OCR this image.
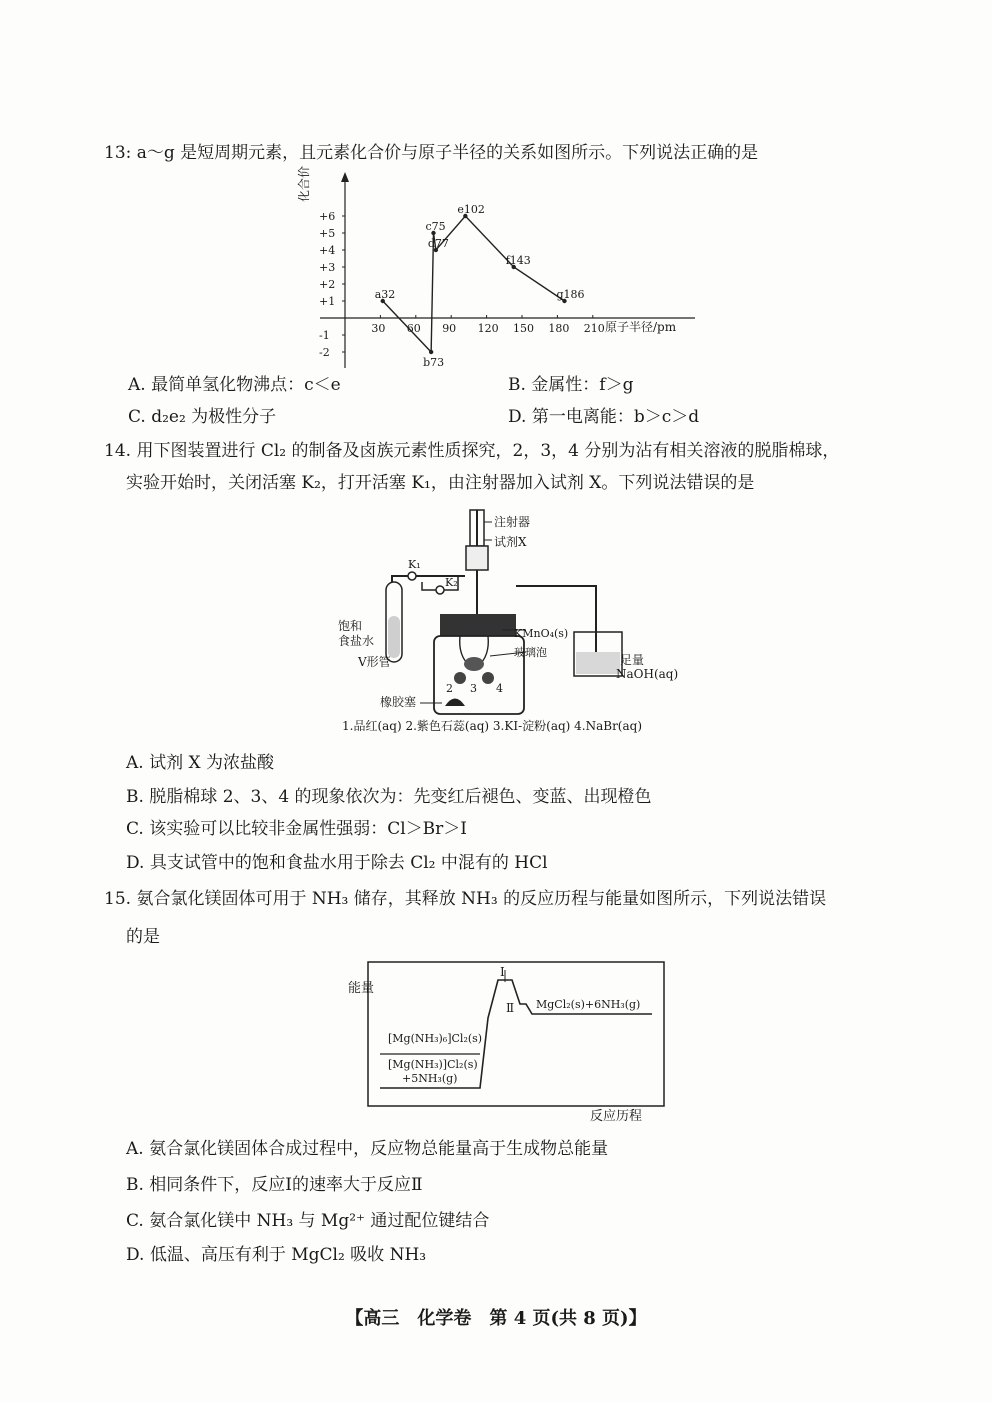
13: a～g 是短周期元素，且元素化合价与原子半径的关系如图所示。下列说法正确的是
化合价
原子半径/pm
+6
+5
+4
+3
+2
+1
-1
-2
30 60 90 120 150 180 210
a32
b73
c75
d77
e102
f143
g186
A. 最简单氢化物沸点：c＜e	B. 金属性：f＞g
C. d₂e₂ 为极性分子	D. 第一电离能：b＞c＞d
14. 用下图装置进行 Cl₂ 的制备及卤族元素性质探究，2，3，4 分别为沾有相关溶液的脱脂棉球，
实验开始时，关闭活塞 K₂，打开活塞 K₁，由注射器加入试剂 X。下列说法错误的是
注射器
试剂X
K₁
K₂
饱和
食盐水
V形管
2 3 4
KMnO₄(s)
玻璃泡
橡胶塞
足量
NaOH(aq)
1.品红(aq) 2.紫色石蕊(aq) 3.KI-淀粉(aq) 4.NaBr(aq)
A. 试剂 X 为浓盐酸
B. 脱脂棉球 2、3、4 的现象依次为：先变红后褪色、变蓝、出现橙色
C. 该实验可以比较非金属性强弱：Cl＞Br＞I
D. 具支试管中的饱和食盐水用于除去 Cl₂ 中混有的 HCl
15. 氨合氯化镁固体可用于 NH₃ 储存，其释放 NH₃ 的反应历程与能量如图所示，下列说法错误
的是
能量
反应历程
Ⅰ
Ⅱ
[Mg(NH₃)₆]Cl₂(s)
[Mg(NH₃)]Cl₂(s)
+5NH₃(g)
MgCl₂(s)+6NH₃(g)
A. 氨合氯化镁固体合成过程中，反应物总能量高于生成物总能量
B. 相同条件下，反应Ⅰ的速率大于反应Ⅱ
C. 氨合氯化镁中 NH₃ 与 Mg²⁺ 通过配位键结合
D. 低温、高压有利于 MgCl₂ 吸收 NH₃
【高三　化学卷　第 4 页(共 8 页)】
